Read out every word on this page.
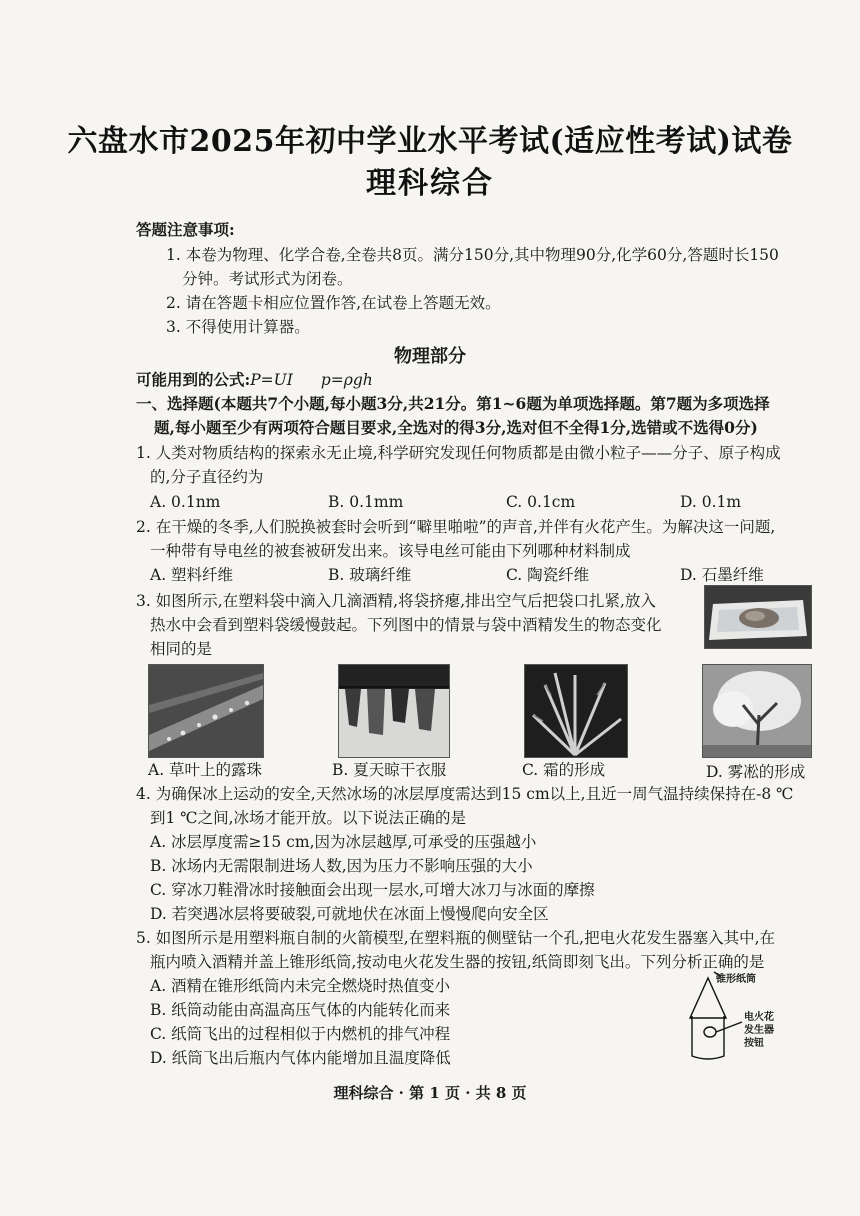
六盘水市2025年初中学业水平考试(适应性考试)试卷
理科综合
答题注意事项:
1. 本卷为物理、化学合卷,全卷共8页。满分150分,其中物理90分,化学60分,答题时长150
分钟。考试形式为闭卷。
2. 请在答题卡相应位置作答,在试卷上答题无效。
3. 不得使用计算器。
物理部分
可能用到的公式:P=UI p=ρgh
一、选择题(本题共7个小题,每小题3分,共21分。第1~6题为单项选择题。第7题为多项选择
题,每小题至少有两项符合题目要求,全选对的得3分,选对但不全得1分,选错或不选得0分)
1. 人类对物质结构的探索永无止境,科学研究发现任何物质都是由微小粒子——分子、原子构成
的,分子直径约为
A. 0.1nm	B. 0.1mm	C. 0.1cm	D. 0.1m
2. 在干燥的冬季,人们脱换被套时会听到“噼里啪啦”的声音,并伴有火花产生。为解决这一问题,
一种带有导电丝的被套被研发出来。该导电丝可能由下列哪种材料制成
A. 塑料纤维	B. 玻璃纤维	C. 陶瓷纤维	D. 石墨纤维
3. 如图所示,在塑料袋中滴入几滴酒精,将袋挤瘪,排出空气后把袋口扎紧,放入
热水中会看到塑料袋缓慢鼓起。下列图中的情景与袋中酒精发生的物态变化
相同的是
A. 草叶上的露珠	B. 夏天晾干衣服	C. 霜的形成	D. 雾凇的形成
4. 为确保冰上运动的安全,天然冰场的冰层厚度需达到15 cm以上,且近一周气温持续保持在-8 ℃
到1 ℃之间,冰场才能开放。以下说法正确的是
A. 冰层厚度需≥15 cm,因为冰层越厚,可承受的压强越小
B. 冰场内无需限制进场人数,因为压力不影响压强的大小
C. 穿冰刀鞋滑冰时接触面会出现一层水,可增大冰刀与冰面的摩擦
D. 若突遇冰层将要破裂,可就地伏在冰面上慢慢爬向安全区
5. 如图所示是用塑料瓶自制的火箭模型,在塑料瓶的侧壁钻一个孔,把电火花发生器塞入其中,在
瓶内喷入酒精并盖上锥形纸筒,按动电火花发生器的按钮,纸筒即刻飞出。下列分析正确的是
A. 酒精在锥形纸筒内未完全燃烧时热值变小
B. 纸筒动能由高温高压气体的内能转化而来
C. 纸筒飞出的过程相似于内燃机的排气冲程
D. 纸筒飞出后瓶内气体内能增加且温度降低
锥形纸筒
电火花
发生器
按钮
理科综合 · 第 1 页 · 共 8 页
